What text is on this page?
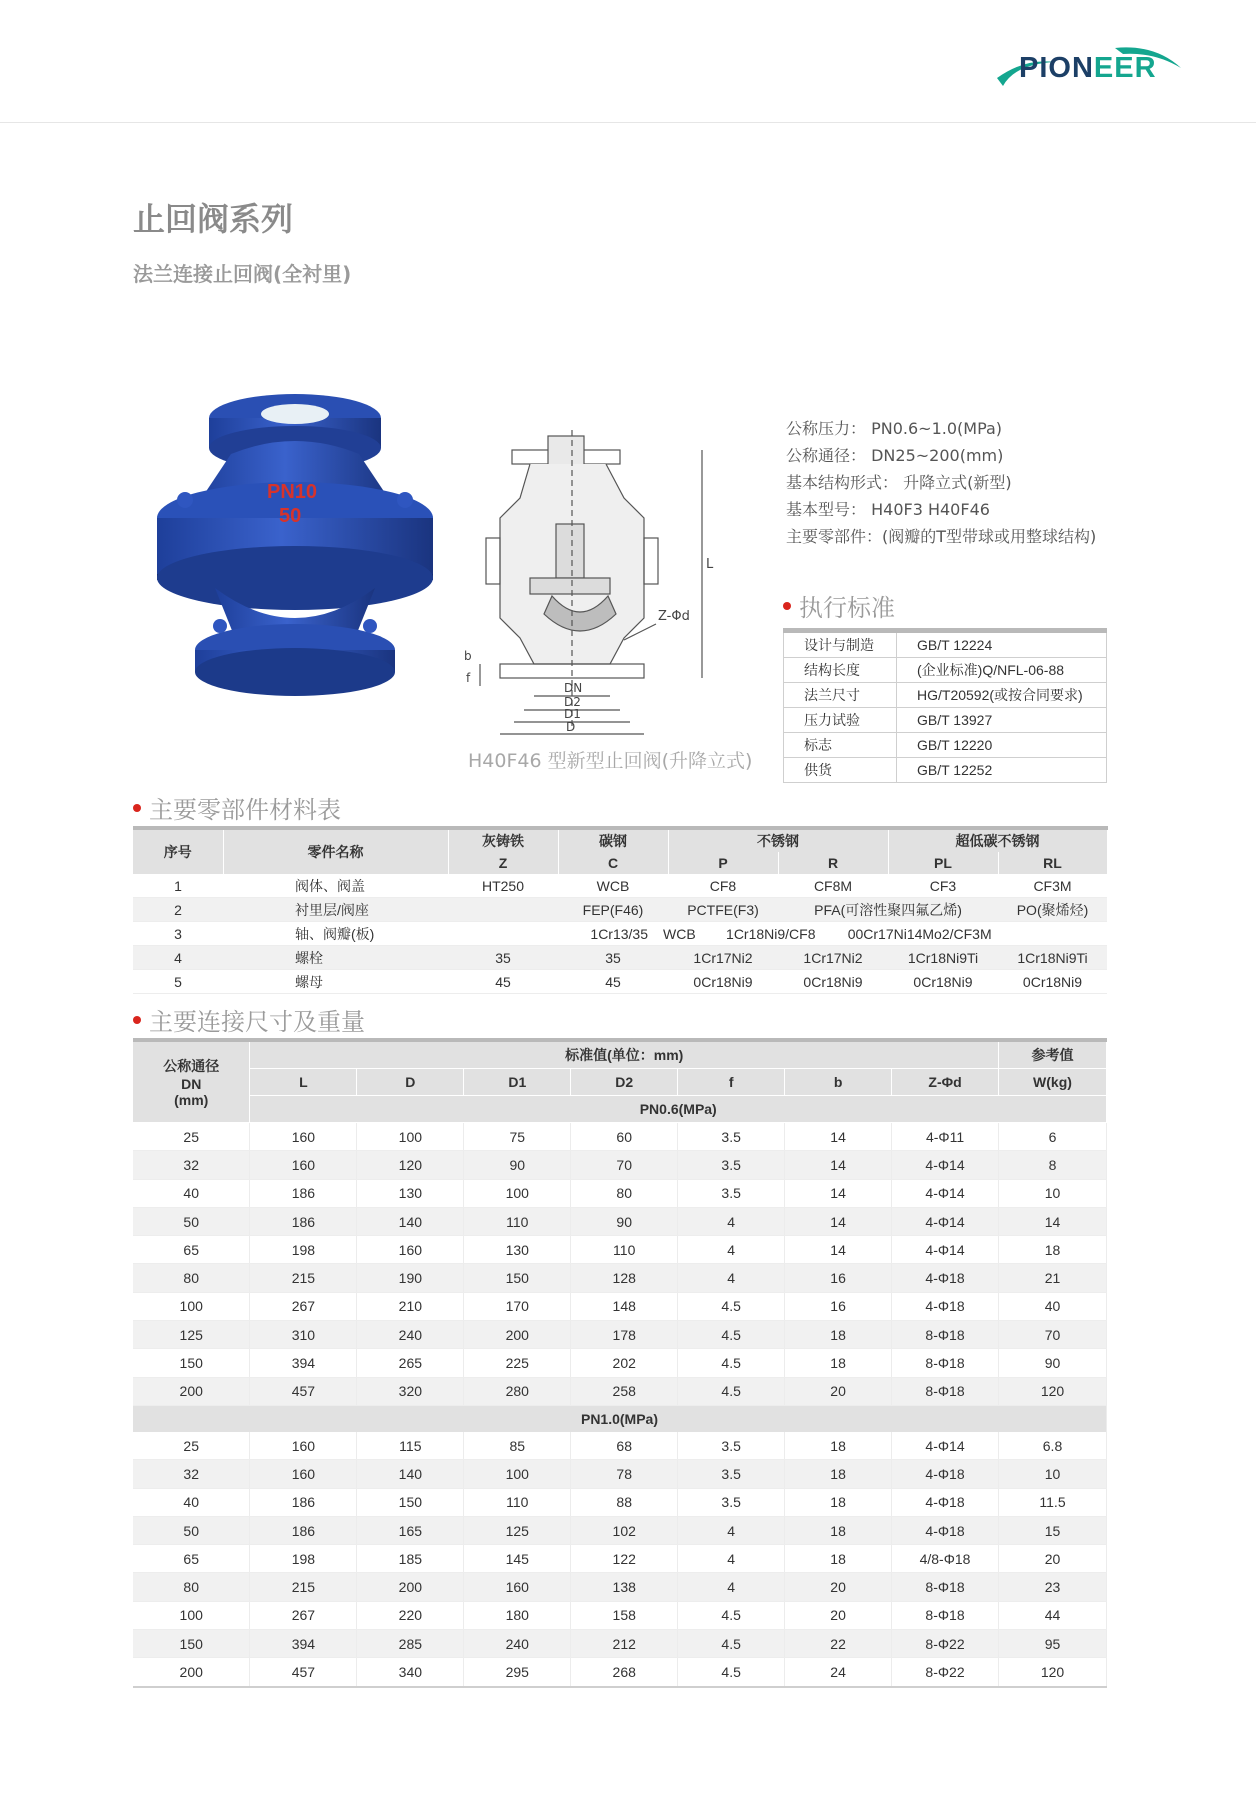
PIONEER
止回阀系列
法兰连接止回阀(全衬里)
PN10
50
L
Z-Φd
DN
D2
D1
D
b
f
H40F46 型新型止回阀(升降立式)
公称压力： PN0.6~1.0(MPa)
公称通径： DN25~200(mm)
基本结构形式： 升降立式(新型)
基本型号： H40F3 H40F46
主要零部件：(阀瓣的T型带球或用整球结构)
执行标准
设计与制造	GB/T 12224
结构长度	(企业标准)Q/NFL-06-88
法兰尺寸	HG/T20592(或按合同要求)
压力试验	GB/T 13927
标志	GB/T 12220
供货	GB/T 12252
主要零部件材料表
序号	零件名称	灰铸铁	碳钢	不锈钢		超低碳不锈钢		
		Z	C	P	R	PL	RL	
1	阀体、阀盖	HT250	WCB	CF8	CF8M	CF3	CF3M	
2	衬里层/阀座		FEP(F46)	PCTFE(F3)	PFA(可溶性聚四氟乙烯)		PO(聚烯烃)	
3	轴、阀瓣(板)		1Cr13/35 WCB 1Cr18Ni9/CF8 00Cr17Ni14Mo2/CF3M					
4	螺栓	35	35	1Cr17Ni2	1Cr17Ni2	1Cr18Ni9Ti	1Cr18Ni9Ti	
5	螺母	45	45	0Cr18Ni9	0Cr18Ni9	0Cr18Ni9	0Cr18Ni9	
主要连接尺寸及重量
公称通径
DN
(mm)	标准值(单位：mm)							参考值
	L	D	D1	D2	f	b	Z-Φd	W(kg)
	PN0.6(MPa)							
25	160	100	75	60	3.5	14	4-Φ11	6
32	160	120	90	70	3.5	14	4-Φ14	8
40	186	130	100	80	3.5	14	4-Φ14	10
50	186	140	110	90	4	14	4-Φ14	14
65	198	160	130	110	4	14	4-Φ14	18
80	215	190	150	128	4	16	4-Φ18	21
100	267	210	170	148	4.5	16	4-Φ18	40
125	310	240	200	178	4.5	18	8-Φ18	70
150	394	265	225	202	4.5	18	8-Φ18	90
200	457	320	280	258	4.5	20	8-Φ18	120
PN1.0(MPa)								
25	160	115	85	68	3.5	18	4-Φ14	6.8
32	160	140	100	78	3.5	18	4-Φ18	10
40	186	150	110	88	3.5	18	4-Φ18	11.5
50	186	165	125	102	4	18	4-Φ18	15
65	198	185	145	122	4	18	4/8-Φ18	20
80	215	200	160	138	4	20	8-Φ18	23
100	267	220	180	158	4.5	20	8-Φ18	44
150	394	285	240	212	4.5	22	8-Φ22	95
200	457	340	295	268	4.5	24	8-Φ22	120
